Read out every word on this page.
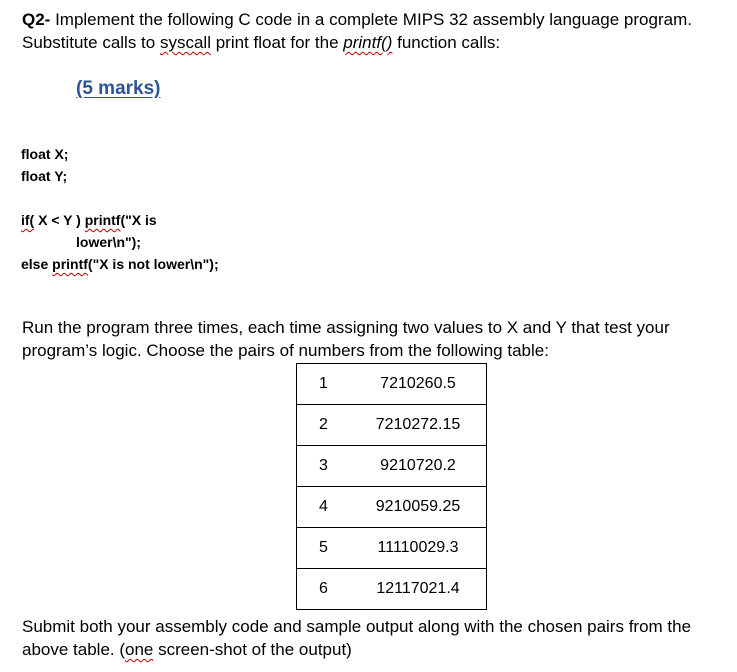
Q2- Implement the following C code in a complete MIPS 32 assembly language program.
Substitute calls to syscall print float for the printf() function calls:
(5 marks)
float X;
float Y;
if( X < Y ) printf("X is
lower\n");
else printf("X is not lower\n");
Run the program three times, each time assigning two values to X and Y that test your
program’s logic. Choose the pairs of numbers from the following table:
1	7210260.5
2	7210272.15
3	9210720.2
4	9210059.25
5	11110029.3
6	12117021.4
Submit both your assembly code and sample output along with the chosen pairs from the
above table. (one screen-shot of the output)
